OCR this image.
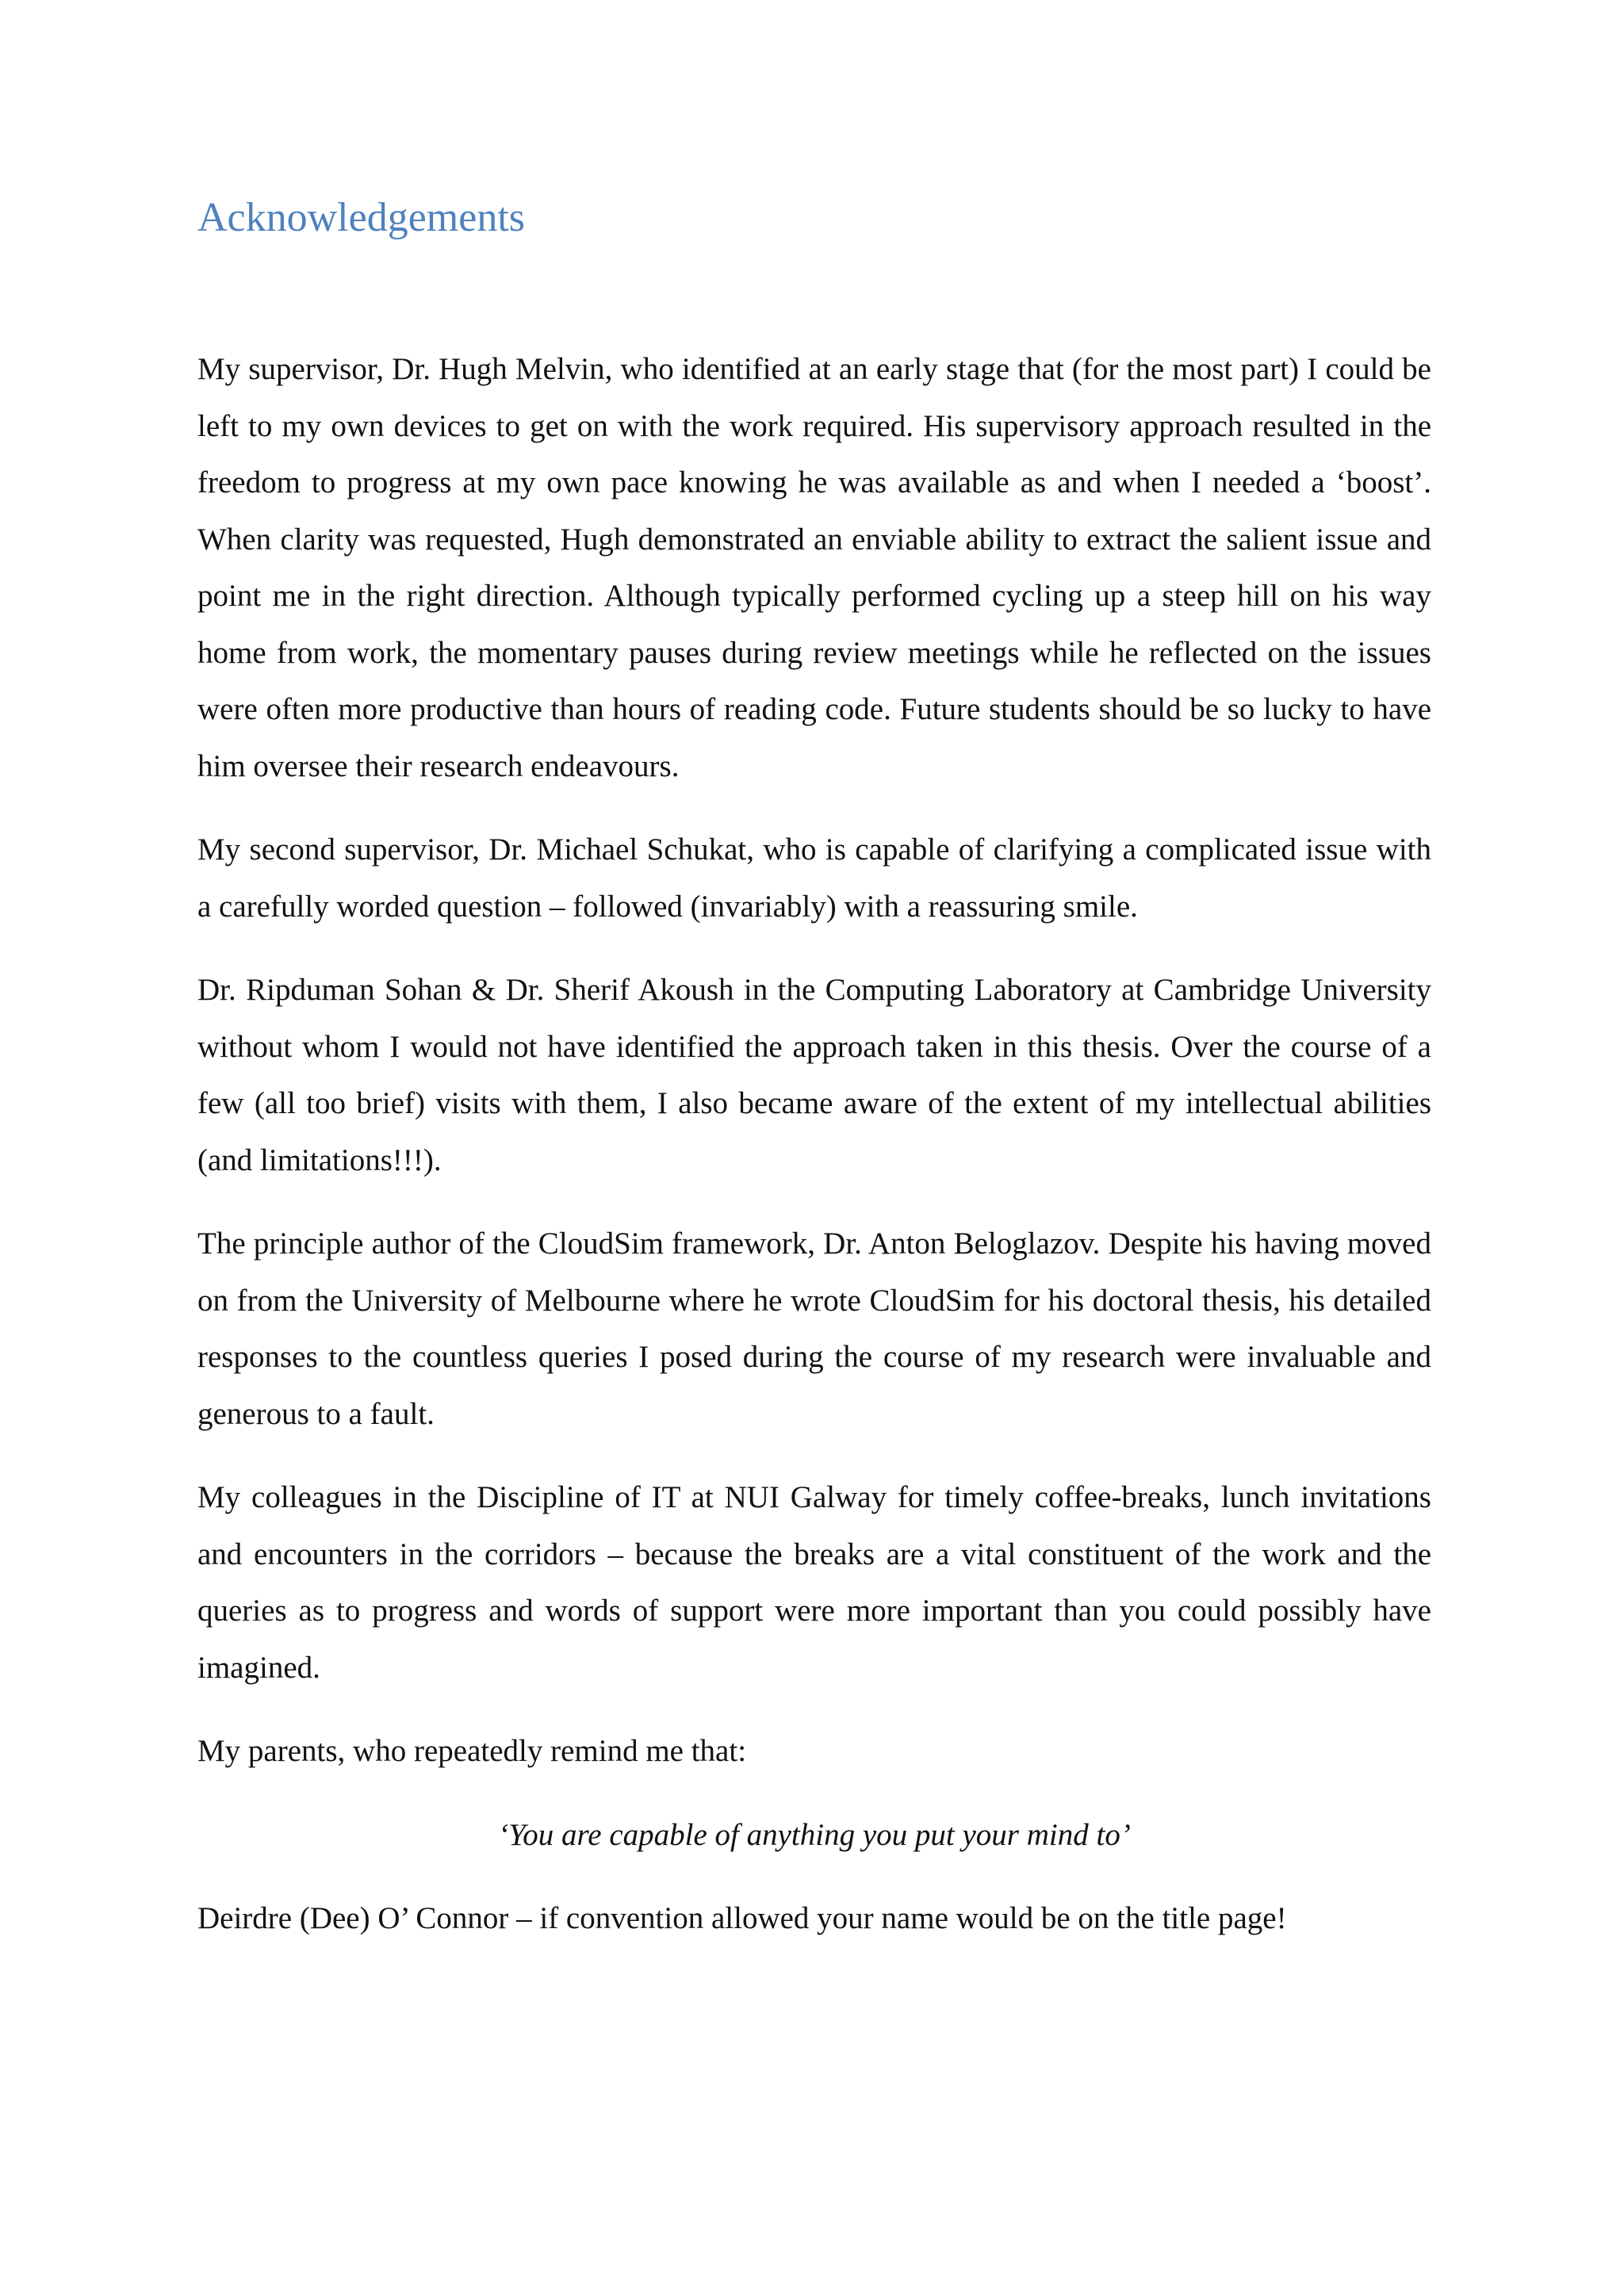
Acknowledgements

My supervisor, Dr. Hugh Melvin, who identified at an early stage that (for the most part) I could be left to my own devices to get on with the work required. His supervisory approach resulted in the freedom to progress at my own pace knowing he was available as and when I needed a ‘boost’. When clarity was requested, Hugh demonstrated an enviable ability to extract the salient issue and point me in the right direction. Although typically performed cycling up a steep hill on his way home from work, the momentary pauses during review meetings while he reflected on the issues were often more productive than hours of reading code. Future students should be so lucky to have him oversee their research endeavours.

My second supervisor, Dr. Michael Schukat, who is capable of clarifying a complicated issue with a carefully worded question – followed (invariably) with a reassuring smile.

Dr. Ripduman Sohan & Dr. Sherif Akoush in the Computing Laboratory at Cambridge University without whom I would not have identified the approach taken in this thesis. Over the course of a few (all too brief) visits with them, I also became aware of the extent of my intellectual abilities (and limitations!!!).

The principle author of the CloudSim framework, Dr. Anton Beloglazov. Despite his having moved on from the University of Melbourne where he wrote CloudSim for his doctoral thesis, his detailed responses to the countless queries I posed during the course of my research were invaluable and generous to a fault.

My colleagues in the Discipline of IT at NUI Galway for timely coffee-breaks, lunch invitations and encounters in the corridors – because the breaks are a vital constituent of the work and the queries as to progress and words of support were more important than you could possibly have imagined.

My parents, who repeatedly remind me that:

‘You are capable of anything you put your mind to’

Deirdre (Dee) O’ Connor – if convention allowed your name would be on the title page!
